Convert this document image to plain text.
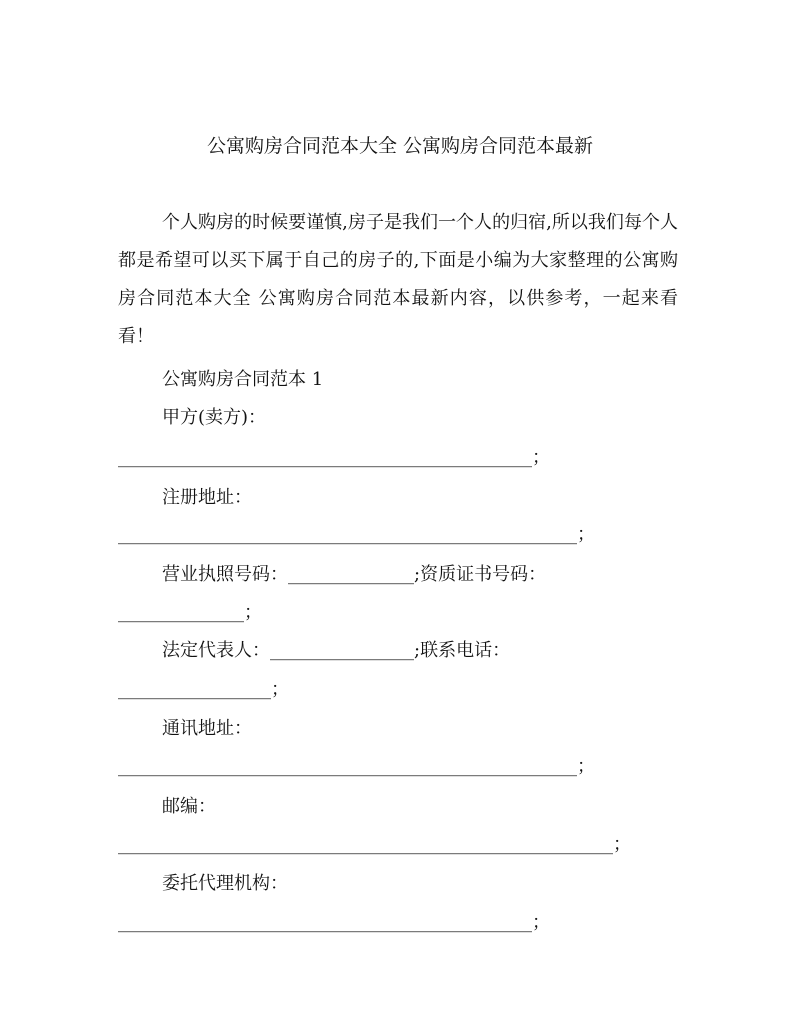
公寓购房合同范本大全 公寓购房合同范本最新

个人购房的时候要谨慎,房子是我们一个人的归宿,所以我们每个人都是希望可以买下属于自己的房子的,下面是小编为大家整理的公寓购房合同范本大全 公寓购房合同范本最新内容，以供参考，一起来看看！

公寓购房合同范本 1
甲方(卖方)：
______________________________________________；
注册地址：
___________________________________________________；
营业执照号码：______________;资质证书号码：
______________；
法定代表人：________________;联系电话：
_________________；
通讯地址：
___________________________________________________；
邮编：
_______________________________________________________；
委托代理机构：
______________________________________________；
